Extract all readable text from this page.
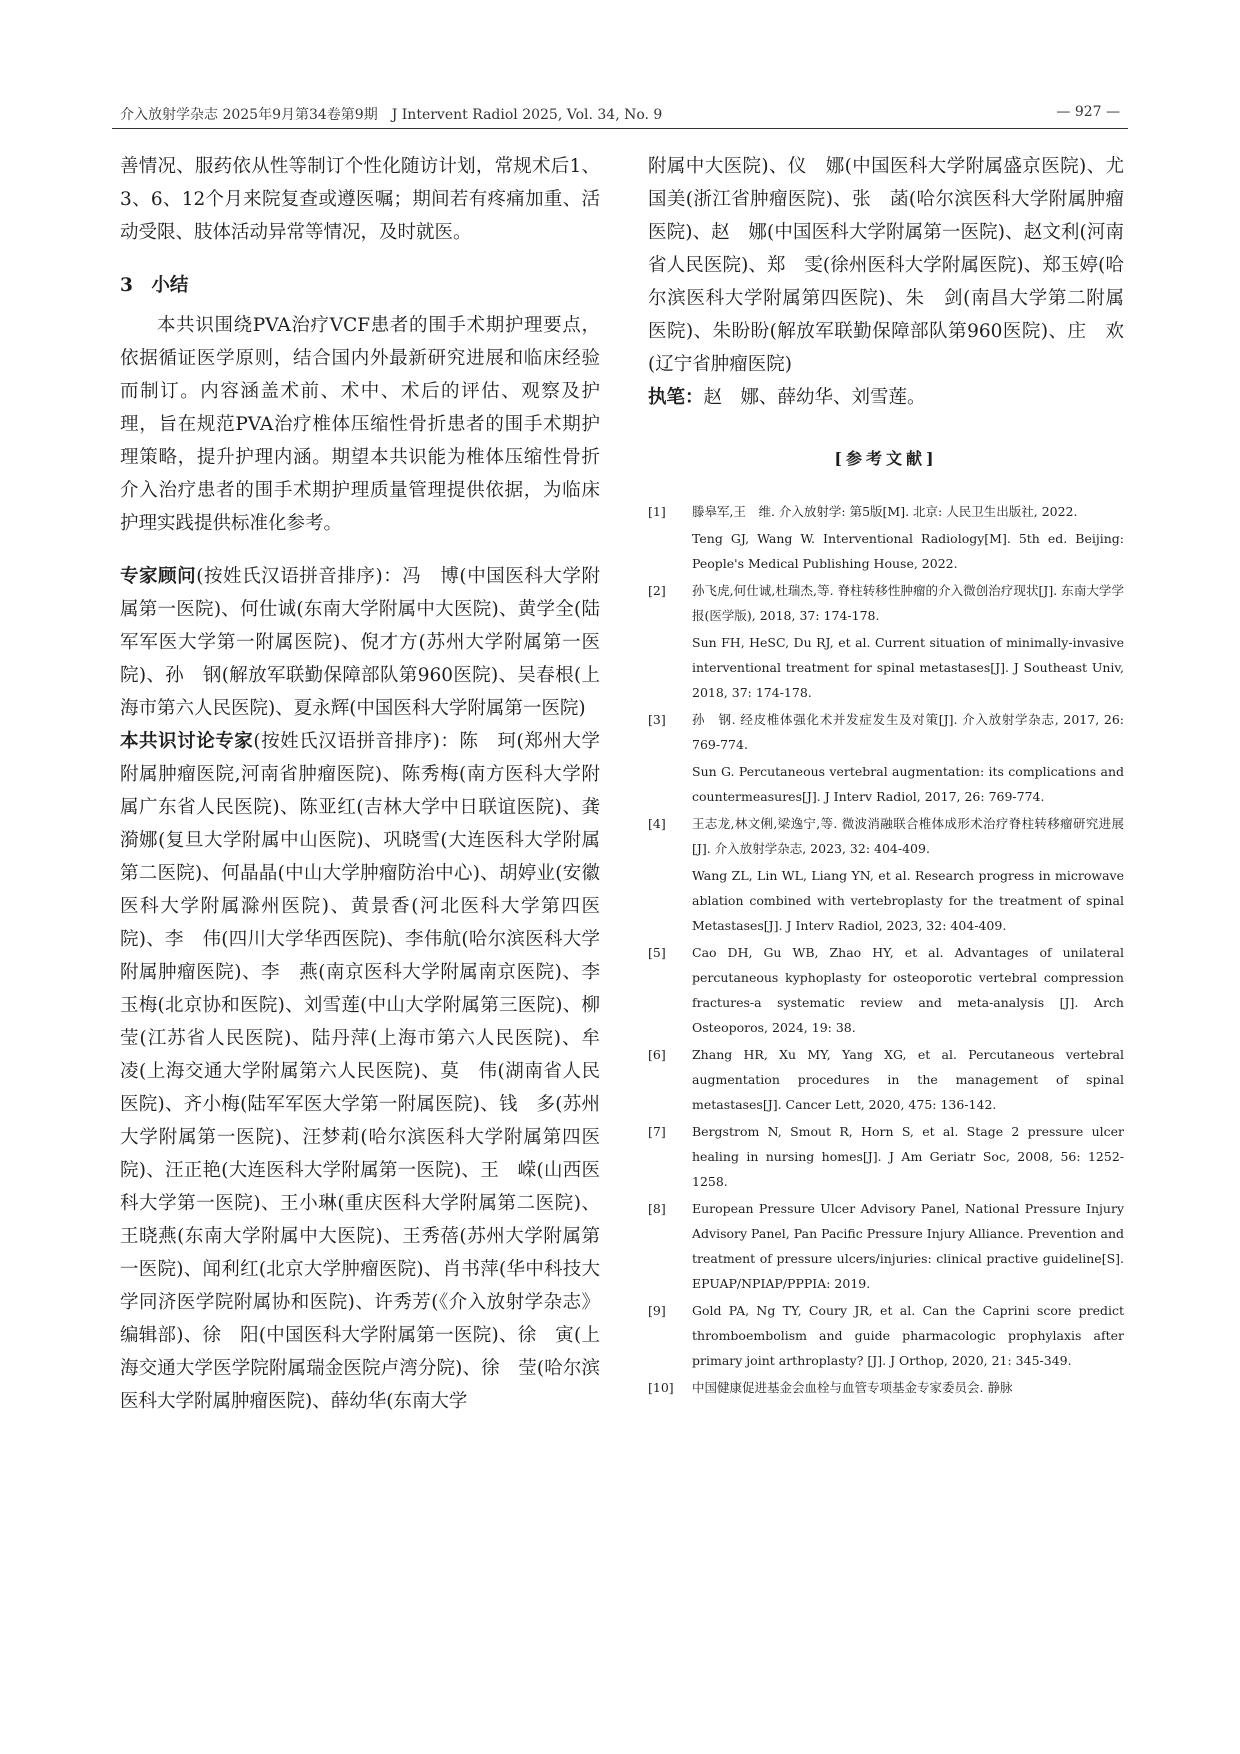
介入放射学杂志 2025年9月第34卷第9期　J Intervent Radiol 2025, Vol. 34, No. 9	— 927 —

善情况、服药依从性等制订个性化随访计划，常规术后1、3、6、12个月来院复查或遵医嘱；期间若有疼痛加重、活动受限、肢体活动异常等情况，及时就医。

3　小结

本共识围绕PVA治疗VCF患者的围手术期护理要点，依据循证医学原则，结合国内外最新研究进展和临床经验而制订。内容涵盖术前、术中、术后的评估、观察及护理，旨在规范PVA治疗椎体压缩性骨折患者的围手术期护理策略，提升护理内涵。期望本共识能为椎体压缩性骨折介入治疗患者的围手术期护理质量管理提供依据，为临床护理实践提供标准化参考。

专家顾问(按姓氏汉语拼音排序)：冯　博(中国医科大学附属第一医院)、何仕诚(东南大学附属中大医院)、黄学全(陆军军医大学第一附属医院)、倪才方(苏州大学附属第一医院)、孙　钢(解放军联勤保障部队第960医院)、吴春根(上海市第六人民医院)、夏永辉(中国医科大学附属第一医院)

本共识讨论专家(按姓氏汉语拼音排序)：陈　珂(郑州大学附属肿瘤医院,河南省肿瘤医院)、陈秀梅(南方医科大学附属广东省人民医院)、陈亚红(吉林大学中日联谊医院)、龚漪娜(复旦大学附属中山医院)、巩晓雪(大连医科大学附属第二医院)、何晶晶(中山大学肿瘤防治中心)、胡婷业(安徽医科大学附属滁州医院)、黄景香(河北医科大学第四医院)、李　伟(四川大学华西医院)、李伟航(哈尔滨医科大学附属肿瘤医院)、李　燕(南京医科大学附属南京医院)、李玉梅(北京协和医院)、刘雪莲(中山大学附属第三医院)、柳　莹(江苏省人民医院)、陆丹萍(上海市第六人民医院)、牟　凌(上海交通大学附属第六人民医院)、莫　伟(湖南省人民医院)、齐小梅(陆军军医大学第一附属医院)、钱　多(苏州大学附属第一医院)、汪梦莉(哈尔滨医科大学附属第四医院)、汪正艳(大连医科大学附属第一医院)、王　嵘(山西医科大学第一医院)、王小琳(重庆医科大学附属第二医院)、王晓燕(东南大学附属中大医院)、王秀蓓(苏州大学附属第一医院)、闻利红(北京大学肿瘤医院)、肖书萍(华中科技大学同济医学院附属协和医院)、许秀芳(《介入放射学杂志》编辑部)、徐　阳(中国医科大学附属第一医院)、徐　寅(上海交通大学医学院附属瑞金医院卢湾分院)、徐　莹(哈尔滨医科大学附属肿瘤医院)、薛幼华(东南大学

附属中大医院)、仪　娜(中国医科大学附属盛京医院)、尤国美(浙江省肿瘤医院)、张　菡(哈尔滨医科大学附属肿瘤医院)、赵　娜(中国医科大学附属第一医院)、赵文利(河南省人民医院)、郑　雯(徐州医科大学附属医院)、郑玉婷(哈尔滨医科大学附属第四医院)、朱　剑(南昌大学第二附属医院)、朱盼盼(解放军联勤保障部队第960医院)、庄　欢(辽宁省肿瘤医院)

执笔：赵　娜、薛幼华、刘雪莲。

[参考文献]
[1]	滕皋军,王　维. 介入放射学: 第5版[M]. 北京: 人民卫生出版社, 2022.
Teng GJ, Wang W. Interventional Radiology[M]. 5th ed. Beijing: People's Medical Publishing House, 2022.
[2]	孙飞虎,何仕诚,杜瑞杰,等. 脊柱转移性肿瘤的介入微创治疗现状[J]. 东南大学学报(医学版), 2018, 37: 174-178.
Sun FH, HeSC, Du RJ, et al. Current situation of minimally-invasive interventional treatment for spinal metastases[J]. J Southeast Univ, 2018, 37: 174-178.
[3]	孙　钢. 经皮椎体强化术并发症发生及对策[J]. 介入放射学杂志, 2017, 26: 769-774.
Sun G. Percutaneous vertebral augmentation: its complications and countermeasures[J]. J Interv Radiol, 2017, 26: 769-774.
[4]	王志龙,林文俐,梁逸宁,等. 微波消融联合椎体成形术治疗脊柱转移瘤研究进展[J]. 介入放射学杂志, 2023, 32: 404-409.
Wang ZL, Lin WL, Liang YN, et al. Research progress in microwave ablation combined with vertebroplasty for the treatment of spinal Metastases[J]. J Interv Radiol, 2023, 32: 404-409.
[5]	Cao DH, Gu WB, Zhao HY, et al. Advantages of unilateral percutaneous kyphoplasty for osteoporotic vertebral compression fractures-a systematic review and meta-analysis [J]. Arch Osteoporos, 2024, 19: 38.
[6]	Zhang HR, Xu MY, Yang XG, et al. Percutaneous vertebral augmentation procedures in the management of spinal metastases[J]. Cancer Lett, 2020, 475: 136-142.
[7]	Bergstrom N, Smout R, Horn S, et al. Stage 2 pressure ulcer healing in nursing homes[J]. J Am Geriatr Soc, 2008, 56: 1252-1258.
[8]	European Pressure Ulcer Advisory Panel, National Pressure Injury Advisory Panel, Pan Pacific Pressure Injury Alliance. Prevention and treatment of pressure ulcers/injuries: clinical practive guideline[S]. EPUAP/NPIAP/PPPIA: 2019.
[9]	Gold PA, Ng TY, Coury JR, et al. Can the Caprini score predict thromboembolism and guide pharmacologic prophylaxis after primary joint arthroplasty? [J]. J Orthop, 2020, 21: 345-349.
[10]	中国健康促进基金会血栓与血管专项基金专家委员会. 静脉
